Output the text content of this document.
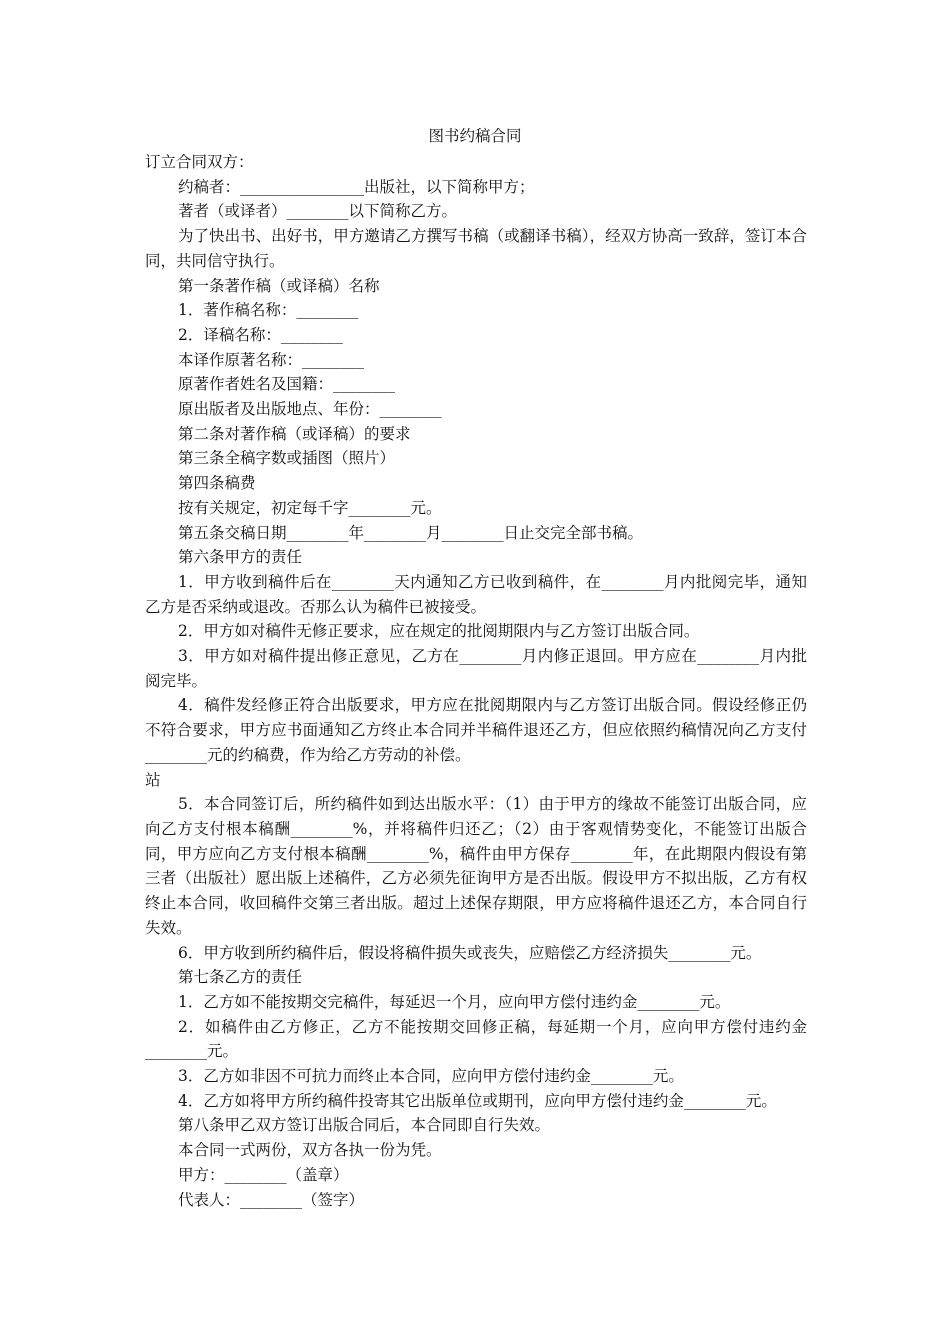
图书约稿合同

订立合同双方：

约稿者：________________出版社，以下简称甲方；

著者（或译者）________以下简称乙方。

为了快出书、出好书，甲方邀请乙方撰写书稿（或翻译书稿），经双方协高一致辞，签订本合同，共同信守执行。

第一条著作稿（或译稿）名称

1．著作稿名称：________

2．译稿名称：________

本译作原著名称：________

原著作者姓名及国籍：________

原出版者及出版地点、年份：________

第二条对著作稿（或译稿）的要求

第三条全稿字数或插图（照片）

第四条稿费

按有关规定，初定每千字________元。

第五条交稿日期________年________月________日止交完全部书稿。

第六条甲方的责任

1．甲方收到稿件后在________天内通知乙方已收到稿件，在________月内批阅完毕，通知乙方是否采纳或退改。否那么认为稿件已被接受。

2．甲方如对稿件无修正要求，应在规定的批阅期限内与乙方签订出版合同。

3．甲方如对稿件提出修正意见，乙方在________月内修正退回。甲方应在________月内批阅完毕。

4．稿件发经修正符合出版要求，甲方应在批阅期限内与乙方签订出版合同。假设经修正仍不符合要求，甲方应书面通知乙方终止本合同并半稿件退还乙方，但应依照约稿情况向乙方支付________元的约稿费，作为给乙方劳动的补偿。

站

5．本合同签订后，所约稿件如到达出版水平：（1）由于甲方的缘故不能签订出版合同，应向乙方支付根本稿酬________%，并将稿件归还乙；（2）由于客观情势变化，不能签订出版合同，甲方应向乙方支付根本稿酬________%，稿件由甲方保存________年，在此期限内假设有第三者（出版社）愿出版上述稿件，乙方必须先征询甲方是否出版。假设甲方不拟出版，乙方有权终止本合同，收回稿件交第三者出版。超过上述保存期限，甲方应将稿件退还乙方，本合同自行失效。

6．甲方收到所约稿件后，假设将稿件损失或丧失，应赔偿乙方经济损失________元。

第七条乙方的责任

1．乙方如不能按期交完稿件，每延迟一个月，应向甲方偿付违约金________元。

2．如稿件由乙方修正，乙方不能按期交回修正稿，每延期一个月，应向甲方偿付违约金________元。

3．乙方如非因不可抗力而终止本合同，应向甲方偿付违约金________元。

4．乙方如将甲方所约稿件投寄其它出版单位或期刊，应向甲方偿付违约金________元。

第八条甲乙双方签订出版合同后，本合同即自行失效。

本合同一式两份，双方各执一份为凭。

甲方：________（盖章）

代表人：________（签字）
